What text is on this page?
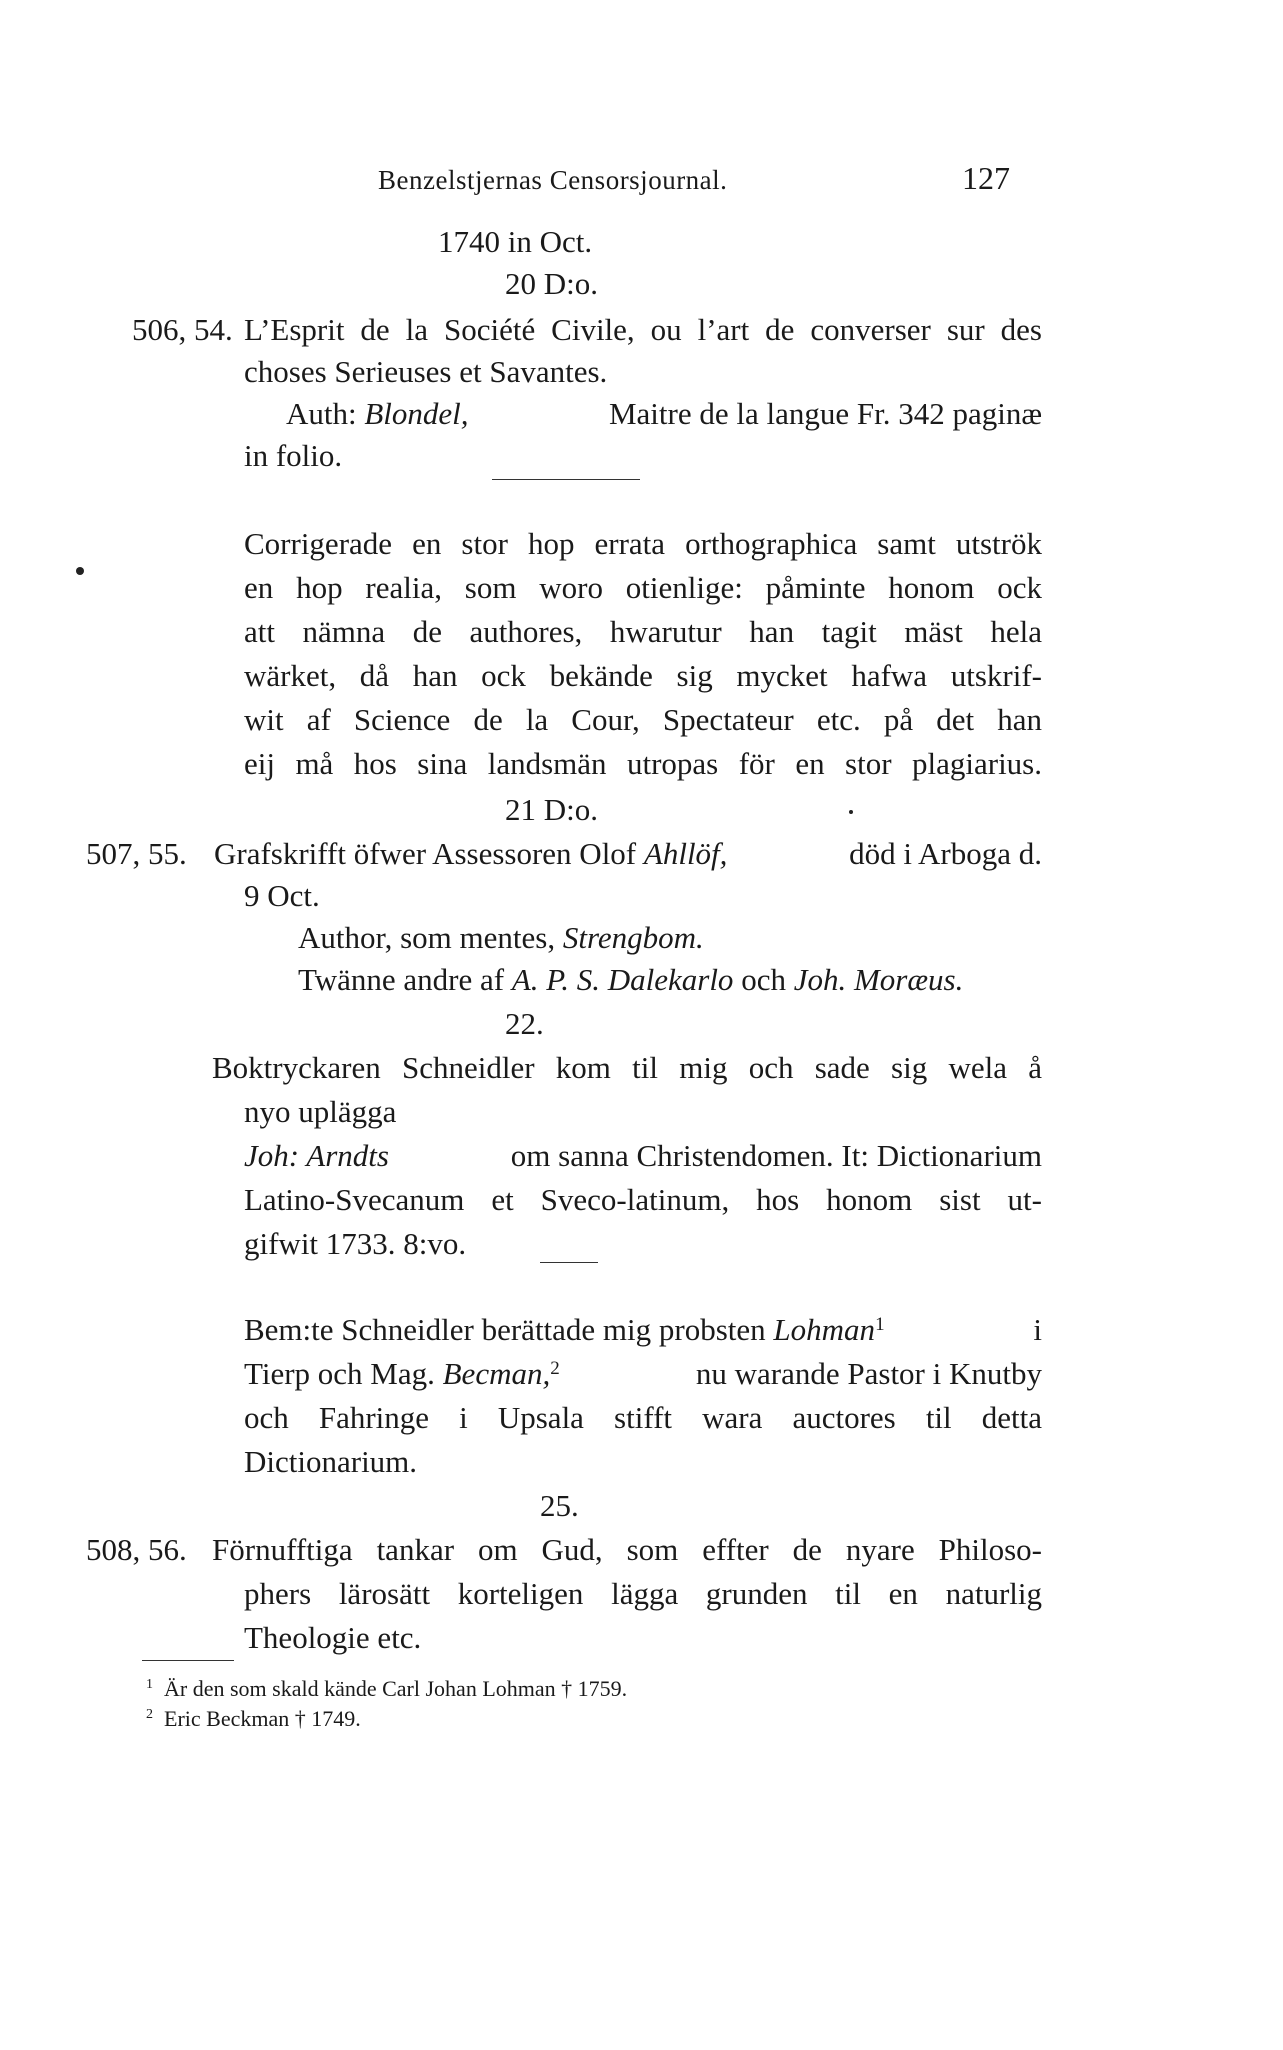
Benzelstjernas Censorsjournal.	127
1740 in Oct.
20 D:o.
506, 54. L’Esprit de la Société Civile, ou l’art de converser sur des
choses Serieuses et Savantes.
Auth: Blondel,	Maitre de la langue Fr. 342 paginæ
in folio.
Corrigerade en stor hop errata orthographica samt utströk
en hop realia, som woro otienlige: påminte honom ock
att nämna de authores, hwarutur han tagit mäst hela
wärket, då han ock bekände sig mycket hafwa utskrif-
wit af Science de la Cour, Spectateur etc. på det han
eij må hos sina landsmän utropas för en stor plagiarius.
21 D:o.
507, 55. Grafskrifft öfwer Assessoren Olof Ahllöf,	död i Arboga d.
9 Oct.
Author, som mentes, Strengbom.
Twänne andre af A. P. S. Dalekarlo och Joh. Moræus.
22.
Boktryckaren Schneidler kom til mig och sade sig wela å
nyo uplägga
Joh: Arndts	om sanna Christendomen. It: Dictionarium
Latino-Svecanum et Sveco-latinum, hos honom sist ut-
gifwit 1733. 8:vo.
Bem:te Schneidler berättade mig probsten Lohman$^1$	i
Tierp och Mag. Becman,$^2$	nu warande Pastor i Knutby
och Fahringe i Upsala stifft wara auctores til detta
Dictionarium.
25.
508, 56. Förnufftiga tankar om Gud, som effter de nyare Philoso-
phers lärosätt korteligen lägga grunden til en naturlig
Theologie etc.
$^1$ Är den som skald kände Carl Johan Lohman † 1759.
$^2$ Eric Beckman † 1749.
